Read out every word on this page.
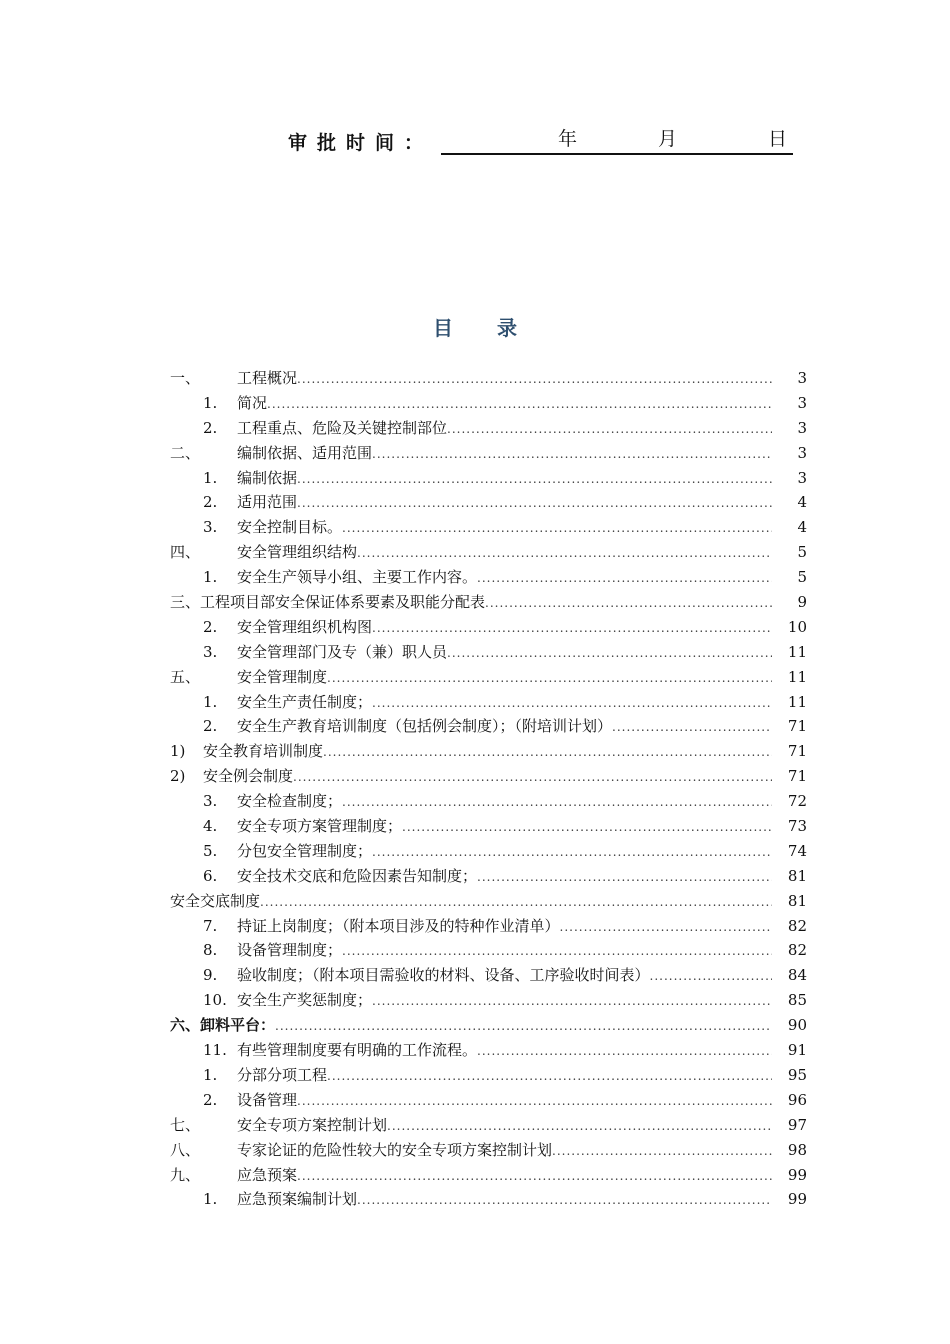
审批时间：	年	月	日
目录
一、 工程概况 .....	3
1. 简况 .....	3
2. 工程重点、危险及关键控制部位 .....	3
二、 编制依据、适用范围 .....	3
1. 编制依据 .....	3
2. 适用范围 .....	4
3. 安全控制目标。 .....	4
四、 安全管理组织结构 .....	5
1. 安全生产领导小组、主要工作内容。 .....	5
三、工程项目部安全保证体系要素及职能分配表 .....	9
2. 安全管理组织机构图 .....	10
3. 安全管理部门及专（兼）职人员 .....	11
五、 安全管理制度 .....	11
1. 安全生产责任制度； .....	11
2. 安全生产教育培训制度（包括例会制度）；（附培训计划） .....	71
1) 安全教育培训制度 .....	71
2) 安全例会制度 .....	71
3. 安全检查制度； .....	72
4. 安全专项方案管理制度； .....	73
5. 分包安全管理制度； .....	74
6. 安全技术交底和危险因素告知制度； .....	81
安全交底制度 .....	81
7. 持证上岗制度；（附本项目涉及的特种作业清单） .....	82
8. 设备管理制度； .....	82
9. 验收制度；（附本项目需验收的材料、设备、工序验收时间表） .....	84
10. 安全生产奖惩制度； .....	85
六、卸料平台： .....	90
11. 有些管理制度要有明确的工作流程。 .....	91
1. 分部分项工程 .....	95
2. 设备管理 .....	96
七、 安全专项方案控制计划 .....	97
八、 专家论证的危险性较大的安全专项方案控制计划 .....	98
九、 应急预案 .....	99
1. 应急预案编制计划 .....	99
